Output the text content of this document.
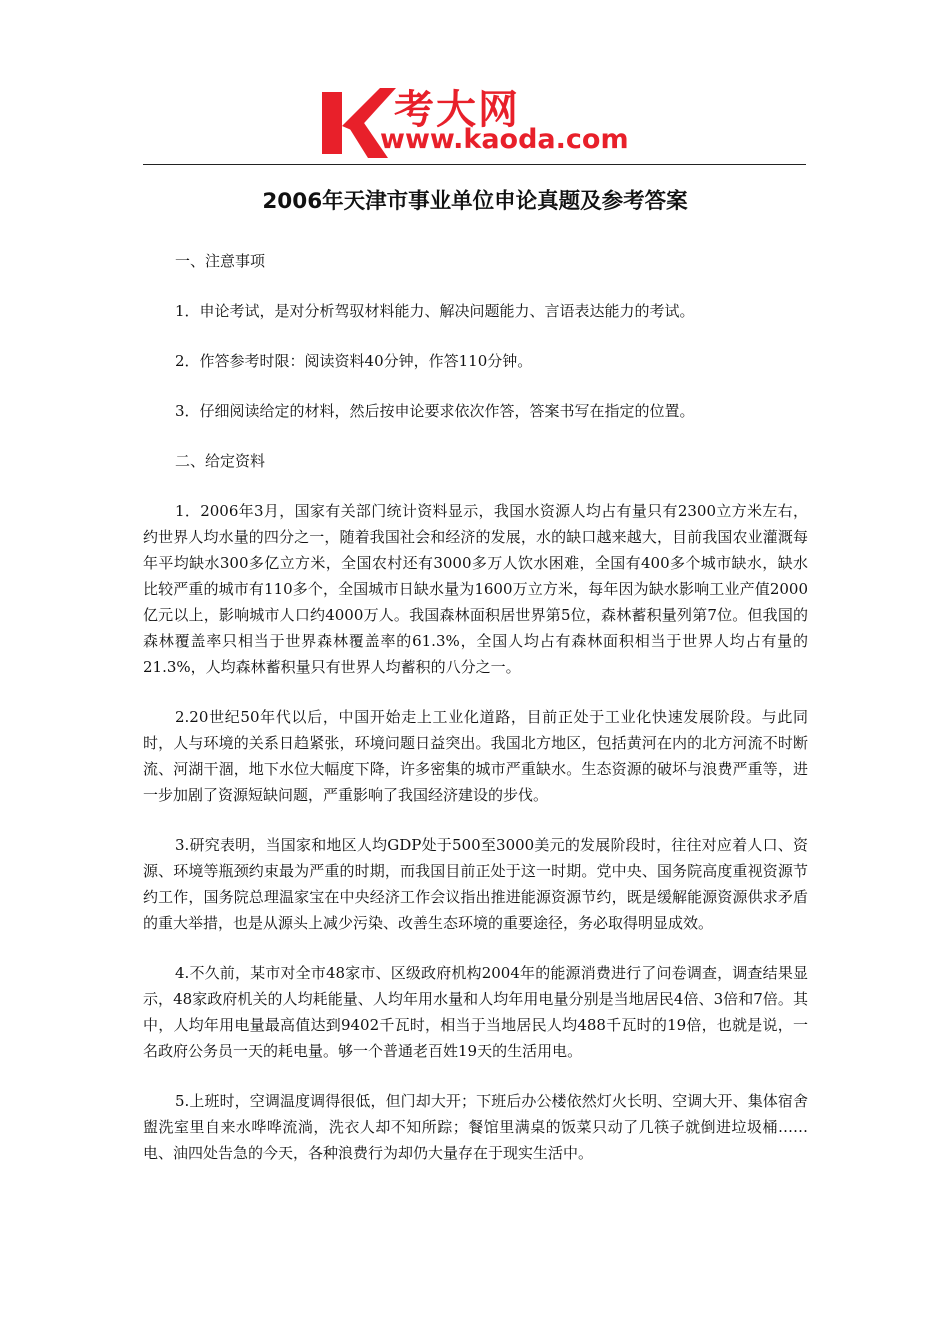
考大网
www.kaoda.com
2006年天津市事业单位申论真题及参考答案

一、注意事项

1．申论考试，是对分析驾驭材料能力、解决问题能力、言语表达能力的考试。

2．作答参考时限：阅读资料40分钟，作答110分钟。

3．仔细阅读给定的材料，然后按申论要求依次作答，答案书写在指定的位置。

二、给定资料

1．2006年3月，国家有关部门统计资料显示，我国水资源人均占有量只有2300立方米左右，约世界人均水量的四分之一，随着我国社会和经济的发展，水的缺口越来越大，目前我国农业灌溉每年平均缺水300多亿立方米，全国农村还有3000多万人饮水困难，全国有400多个城市缺水，缺水比较严重的城市有110多个，全国城市日缺水量为1600万立方米，每年因为缺水影响工业产值2000亿元以上，影响城市人口约4000万人。我国森林面积居世界第5位，森林蓄积量列第7位。但我国的森林覆盖率只相当于世界森林覆盖率的61.3%，全国人均占有森林面积相当于世界人均占有量的21.3%，人均森林蓄积量只有世界人均蓄积的八分之一。

2.20世纪50年代以后，中国开始走上工业化道路，目前正处于工业化快速发展阶段。与此同时，人与环境的关系日趋紧张，环境问题日益突出。我国北方地区，包括黄河在内的北方河流不时断流、河湖干涸，地下水位大幅度下降，许多密集的城市严重缺水。生态资源的破坏与浪费严重等，进一步加剧了资源短缺问题，严重影响了我国经济建设的步伐。

3.研究表明，当国家和地区人均GDP处于500至3000美元的发展阶段时，往往对应着人口、资源、环境等瓶颈约束最为严重的时期，而我国目前正处于这一时期。党中央、国务院高度重视资源节约工作，国务院总理温家宝在中央经济工作会议指出推进能源资源节约，既是缓解能源资源供求矛盾的重大举措，也是从源头上减少污染、改善生态环境的重要途径，务必取得明显成效。

4.不久前，某市对全市48家市、区级政府机构2004年的能源消费进行了问卷调查，调查结果显示，48家政府机关的人均耗能量、人均年用水量和人均年用电量分别是当地居民4倍、3倍和7倍。其中，人均年用电量最高值达到9402千瓦时，相当于当地居民人均488千瓦时的19倍，也就是说，一名政府公务员一天的耗电量。够一个普通老百姓19天的生活用电。

5.上班时，空调温度调得很低，但门却大开；下班后办公楼依然灯火长明、空调大开、集体宿舍盥洗室里自来水哗哗流淌，洗衣人却不知所踪；餐馆里满桌的饭菜只动了几筷子就倒进垃圾桶……电、油四处告急的今天，各种浪费行为却仍大量存在于现实生活中。
